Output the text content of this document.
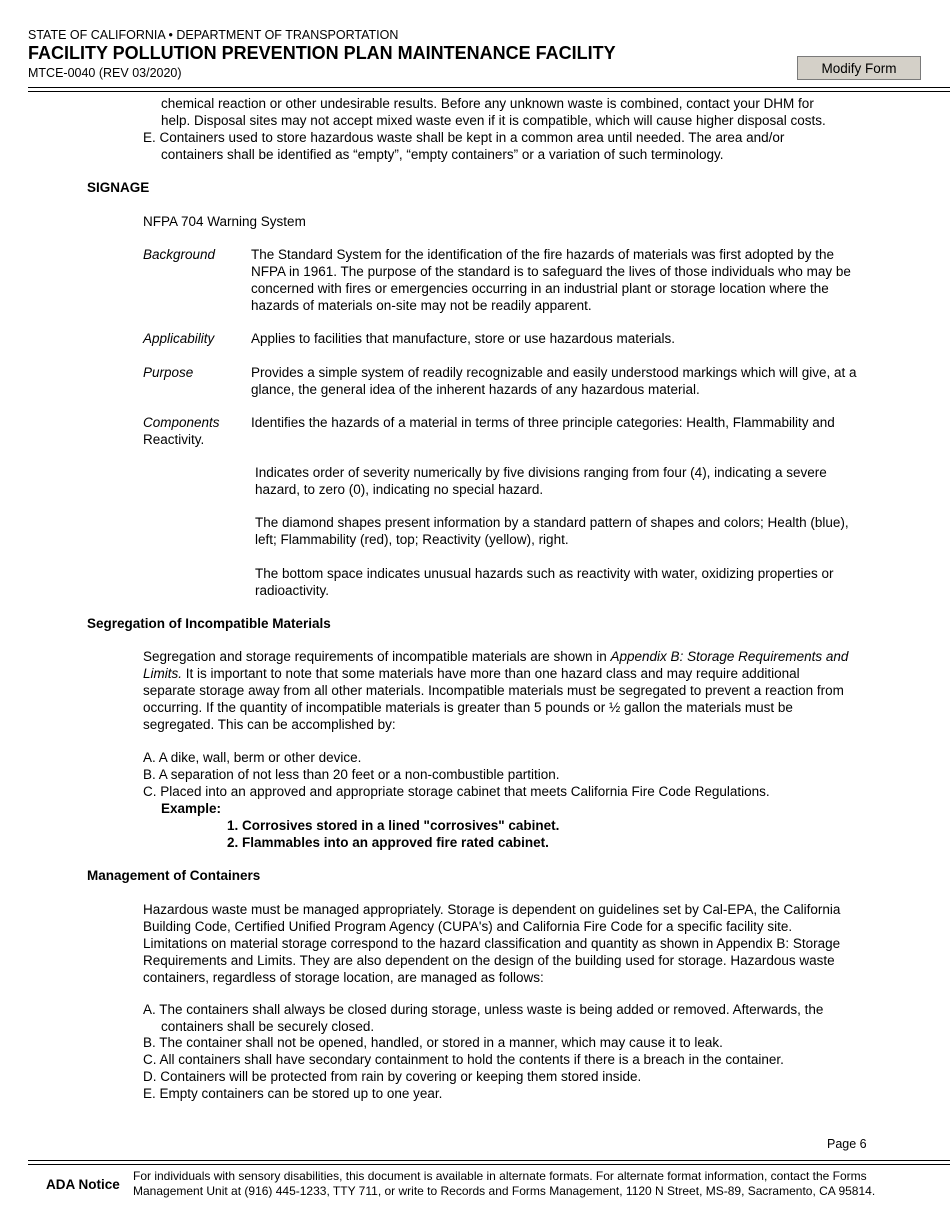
STATE OF CALIFORNIA • DEPARTMENT OF TRANSPORTATION
FACILITY POLLUTION PREVENTION PLAN MAINTENANCE FACILITY
MTCE-0040 (REV 03/2020)	Modify Form
chemical reaction or other undesirable results. Before any unknown waste is combined, contact your DHM for
help. Disposal sites may not accept mixed waste even if it is compatible, which will cause higher disposal costs.
E. Containers used to store hazardous waste shall be kept in a common area until needed. The area and/or
containers shall be identified as “empty”, “empty containers” or a variation of such terminology.
SIGNAGE
NFPA 704 Warning System
Background	The Standard System for the identification of the fire hazards of materials was first adopted by the NFPA in 1961. The purpose of the standard is to safeguard the lives of those individuals who may be concerned with fires or emergencies occurring in an industrial plant or storage location where the hazards of materials on-site may not be readily apparent.
Applicability	Applies to facilities that manufacture, store or use hazardous materials.
Purpose	Provides a simple system of readily recognizable and easily understood markings which will give, at a glance, the general idea of the inherent hazards of any hazardous material.
Components Identifies the hazards of a material in terms of three principle categories: Health, Flammability and
Reactivity.
Indicates order of severity numerically by five divisions ranging from four (4), indicating a severe hazard, to zero (0), indicating no special hazard.
The diamond shapes present information by a standard pattern of shapes and colors; Health (blue), left; Flammability (red), top; Reactivity (yellow), right.
The bottom space indicates unusual hazards such as reactivity with water, oxidizing properties or radioactivity.
Segregation of Incompatible Materials
Segregation and storage requirements of incompatible materials are shown in Appendix B: Storage Requirements and Limits. It is important to note that some materials have more than one hazard class and may require additional separate storage away from all other materials. Incompatible materials must be segregated to prevent a reaction from occurring. If the quantity of incompatible materials is greater than 5 pounds or ½ gallon the materials must be segregated. This can be accomplished by:
A. A dike, wall, berm or other device.
B. A separation of not less than 20 feet or a non-combustible partition.
C. Placed into an approved and appropriate storage cabinet that meets California Fire Code Regulations.
Example:
1. Corrosives stored in a lined "corrosives" cabinet.
2. Flammables into an approved fire rated cabinet.
Management of Containers
Hazardous waste must be managed appropriately. Storage is dependent on guidelines set by Cal-EPA, the California Building Code, Certified Unified Program Agency (CUPA's) and California Fire Code for a specific facility site. Limitations on material storage correspond to the hazard classification and quantity as shown in Appendix B: Storage Requirements and Limits. They are also dependent on the design of the building used for storage. Hazardous waste containers, regardless of storage location, are managed as follows:
A. The containers shall always be closed during storage, unless waste is being added or removed. Afterwards, the containers shall be securely closed.
B. The container shall not be opened, handled, or stored in a manner, which may cause it to leak.
C. All containers shall have secondary containment to hold the contents if there is a breach in the container.
D. Containers will be protected from rain by covering or keeping them stored inside.
E. Empty containers can be stored up to one year.
Page 6
ADA Notice
For individuals with sensory disabilities, this document is available in alternate formats. For alternate format information, contact the Forms Management Unit at (916) 445-1233, TTY 711, or write to Records and Forms Management, 1120 N Street, MS-89, Sacramento, CA 95814.
